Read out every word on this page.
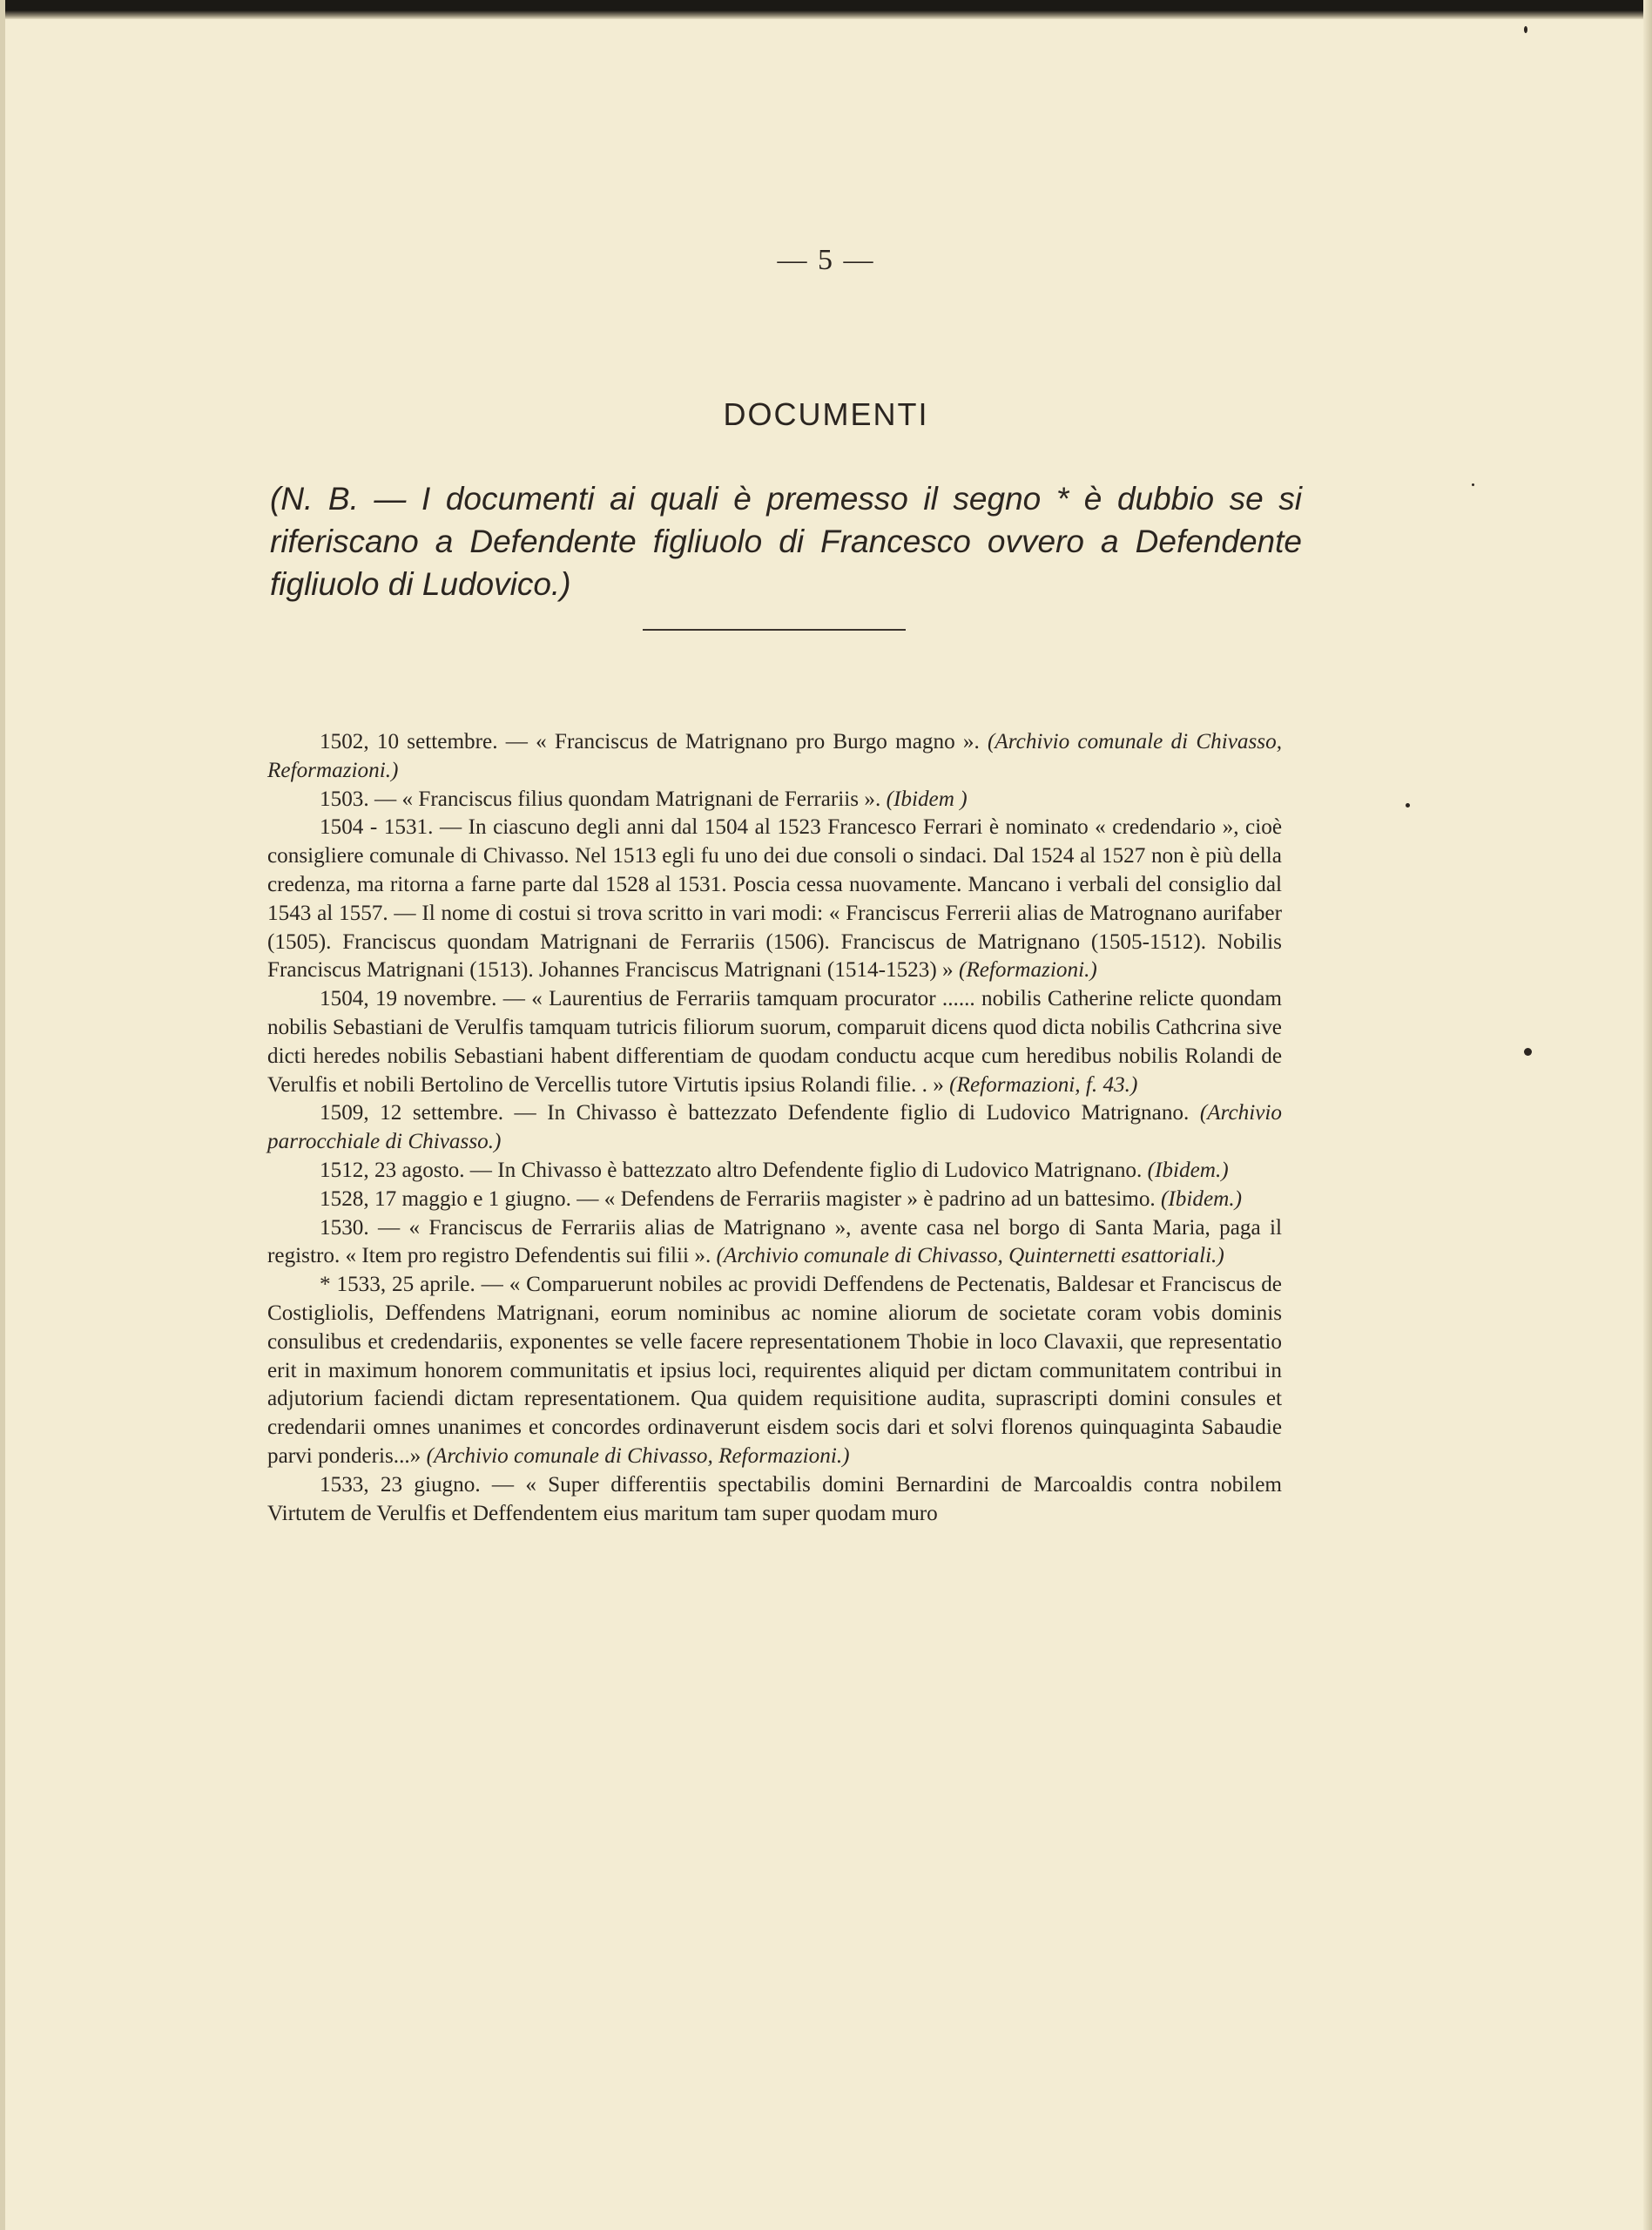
— 5 —
DOCUMENTI
(N. B. — I documenti ai quali è premesso il segno * è dubbio se si riferiscano a Defendente figliuolo di Francesco ovvero a Defendente figliuolo di Ludovico.)

1502, 10 settembre. — « Franciscus de Matrignano pro Burgo magno ». (Archivio comunale di Chivasso, Reformazioni.)

1503. — « Franciscus filius quondam Matrignani de Ferrariis ». (Ibidem )

1504 - 1531. — In ciascuno degli anni dal 1504 al 1523 Francesco Ferrari è nominato « credendario », cioè consigliere comunale di Chivasso. Nel 1513 egli fu uno dei due consoli o sindaci. Dal 1524 al 1527 non è più della credenza, ma ritorna a farne parte dal 1528 al 1531. Poscia cessa nuovamente. Mancano i verbali del consiglio dal 1543 al 1557. — Il nome di costui si trova scritto in vari modi: « Franciscus Ferrerii alias de Matrognano aurifaber (1505). Franciscus quondam Matrignani de Ferrariis (1506). Franciscus de Matrignano (1505-1512). Nobilis Franciscus Matrignani (1513). Johannes Franciscus Matrignani (1514-1523) » (Reformazioni.)

1504, 19 novembre. — « Laurentius de Ferrariis tamquam procurator ...... nobilis Catherine relicte quondam nobilis Sebastiani de Verulfis tamquam tutricis filiorum suorum, comparuit dicens quod dicta nobilis Cathcrina sive dicti heredes nobilis Sebastiani habent differentiam de quodam conductu acque cum heredibus nobilis Rolandi de Verulfis et nobili Bertolino de Vercellis tutore Virtutis ipsius Rolandi filie. . » (Reformazioni, f. 43.)

1509, 12 settembre. — In Chivasso è battezzato Defendente figlio di Ludovico Matrignano. (Archivio parrocchiale di Chivasso.)

1512, 23 agosto. — In Chivasso è battezzato altro Defendente figlio di Ludovico Matrignano. (Ibidem.)

1528, 17 maggio e 1 giugno. — « Defendens de Ferrariis magister » è padrino ad un battesimo. (Ibidem.)

1530. — « Franciscus de Ferrariis alias de Matrignano », avente casa nel borgo di Santa Maria, paga il registro. « Item pro registro Defendentis sui filii ». (Archivio comunale di Chivasso, Quinternetti esattoriali.)

* 1533, 25 aprile. — « Comparuerunt nobiles ac providi Deffendens de Pectenatis, Baldesar et Franciscus de Costigliolis, Deffendens Matrignani, eorum nominibus ac nomine aliorum de societate coram vobis dominis consulibus et credendariis, exponentes se velle facere representationem Thobie in loco Clavaxii, que representatio erit in maximum honorem communitatis et ipsius loci, requirentes aliquid per dictam communitatem contribui in adjutorium faciendi dictam representationem. Qua quidem requisitione audita, suprascripti domini consules et credendarii omnes unanimes et concordes ordinaverunt eisdem socis dari et solvi florenos quinquaginta Sabaudie parvi ponderis...» (Archivio comunale di Chivasso, Reformazioni.)

1533, 23 giugno. — « Super differentiis spectabilis domini Bernardini de Marcoaldis contra nobilem Virtutem de Verulfis et Deffendentem eius maritum tam super quodam muro
